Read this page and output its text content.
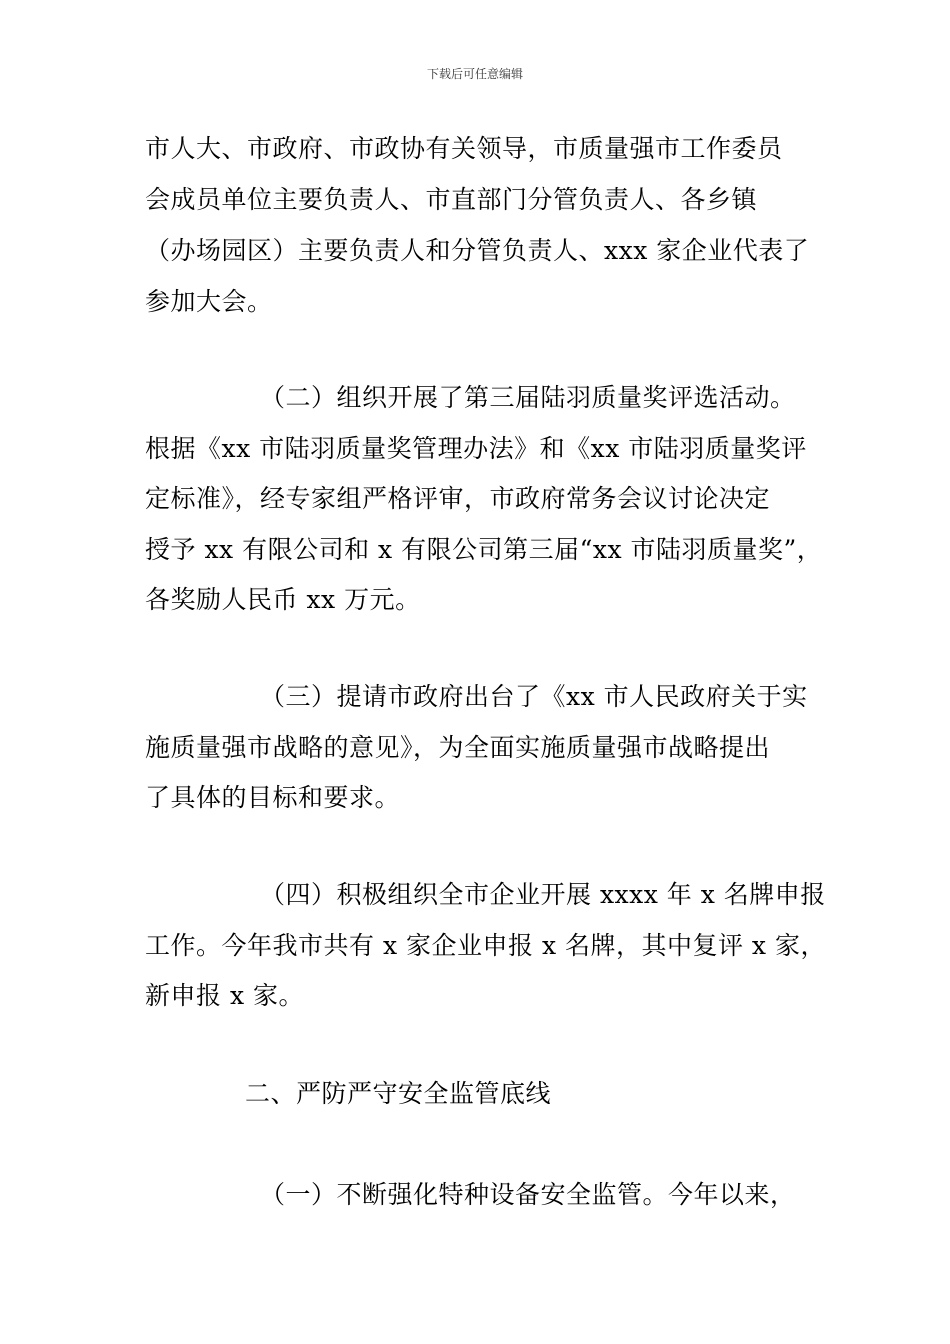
下载后可任意编辑
市人大、市政府、市政协有关领导，市质量强市工作委员
会成员单位主要负责人、市直部门分管负责人、各乡镇
（办场园区）主要负责人和分管负责人、xxx 家企业代表了
参加大会。
（二）组织开展了第三届陆羽质量奖评选活动。
根据《xx 市陆羽质量奖管理办法》和《xx 市陆羽质量奖评
定标准》，经专家组严格评审，市政府常务会议讨论决定
授予 xx 有限公司和 x 有限公司第三届“xx 市陆羽质量奖”，
各奖励人民币 xx 万元。
（三）提请市政府出台了《xx 市人民政府关于实
施质量强市战略的意见》，为全面实施质量强市战略提出
了具体的目标和要求。
（四）积极组织全市企业开展 xxxx 年 x 名牌申报
工作。今年我市共有 x 家企业申报 x 名牌，其中复评 x 家，
新申报 x 家。
二、严防严守安全监管底线
（一）不断强化特种设备安全监管。今年以来，
